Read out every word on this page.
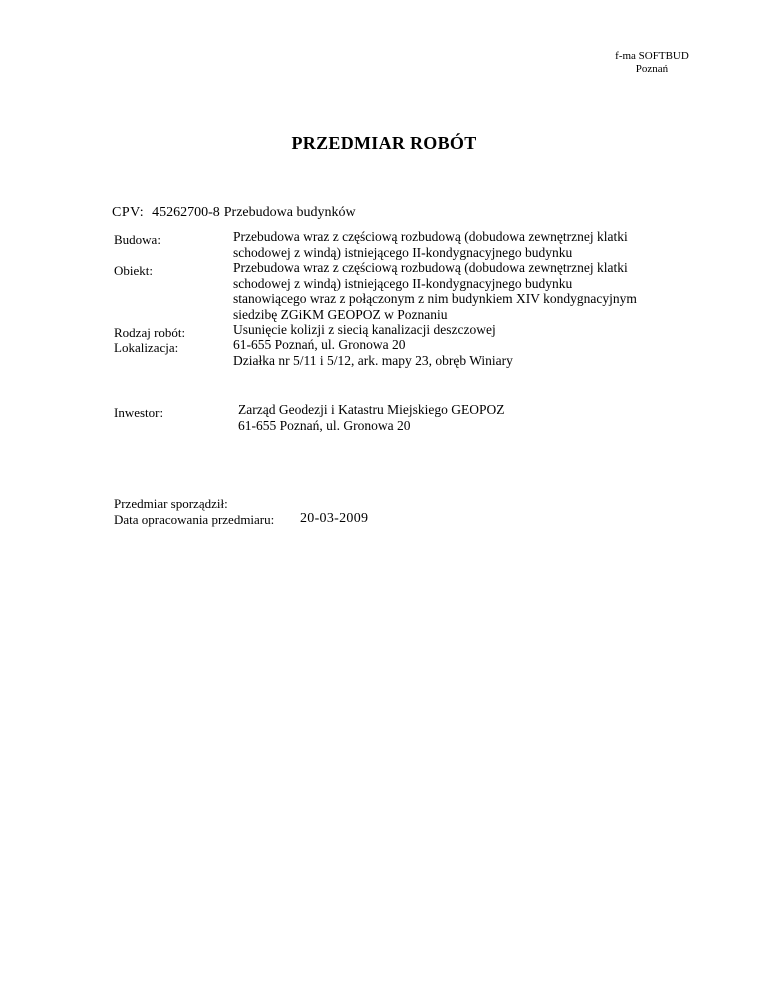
f-ma SOFTBUD
Poznań
PRZEDMIAR ROBÓT
CPV: 45262700-8 Przebudowa budynków
Budowa:	Przebudowa wraz z częściową rozbudową (dobudowa zewnętrznej klatki
schodowej z windą) istniejącego II-kondygnacyjnego budynku
Obiekt:	Przebudowa wraz z częściową rozbudową (dobudowa zewnętrznej klatki
schodowej z windą) istniejącego II-kondygnacyjnego budynku
stanowiącego wraz z połączonym z nim budynkiem XIV kondygnacyjnym
siedzibę ZGiKM GEOPOZ w Poznaniu
Rodzaj robót:	Usunięcie kolizji z siecią kanalizacji deszczowej
Lokalizacja:	61-655 Poznań, ul. Gronowa 20
Działka nr 5/11 i 5/12, ark. mapy 23, obręb Winiary
Inwestor:	Zarząd Geodezji i Katastru Miejskiego GEOPOZ
61-655 Poznań, ul. Gronowa 20
Przedmiar sporządził:
Data opracowania przedmiaru: 20-03-2009
